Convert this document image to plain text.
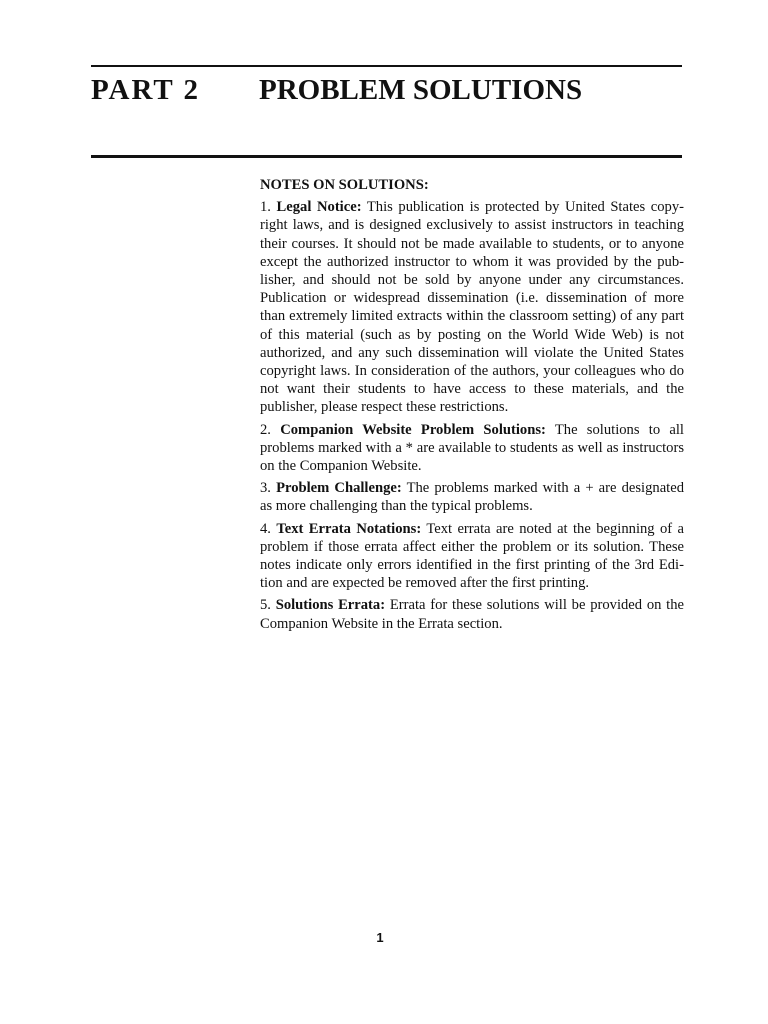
PART 2 PROBLEM SOLUTIONS

NOTES ON SOLUTIONS:

1. Legal Notice: This publication is protected by United States copyright laws, and is designed exclusively to assist instructors in teaching their courses. It should not be made available to students, or to anyone except the authorized instructor to whom it was provided by the publisher, and should not be sold by anyone under any circumstances. Publication or widespread dissemination (i.e. dissemination of more than extremely limited extracts within the classroom setting) of any part of this material (such as by posting on the World Wide Web) is not authorized, and any such dissemination will violate the United States copyright laws. In consideration of the authors, your colleagues who do not want their students to have access to these materials, and the publisher, please respect these restrictions.

2. Companion Website Problem Solutions: The solutions to all problems marked with a * are available to students as well as instructors on the Companion Website.

3. Problem Challenge: The problems marked with a + are designated as more challenging than the typical problems.

4. Text Errata Notations: Text errata are noted at the beginning of a problem if those errata affect either the problem or its solution. These notes indicate only errors identified in the first printing of the 3rd Edition and are expected be removed after the first printing.

5. Solutions Errata: Errata for these solutions will be provided on the Companion Website in the Errata section.

1
